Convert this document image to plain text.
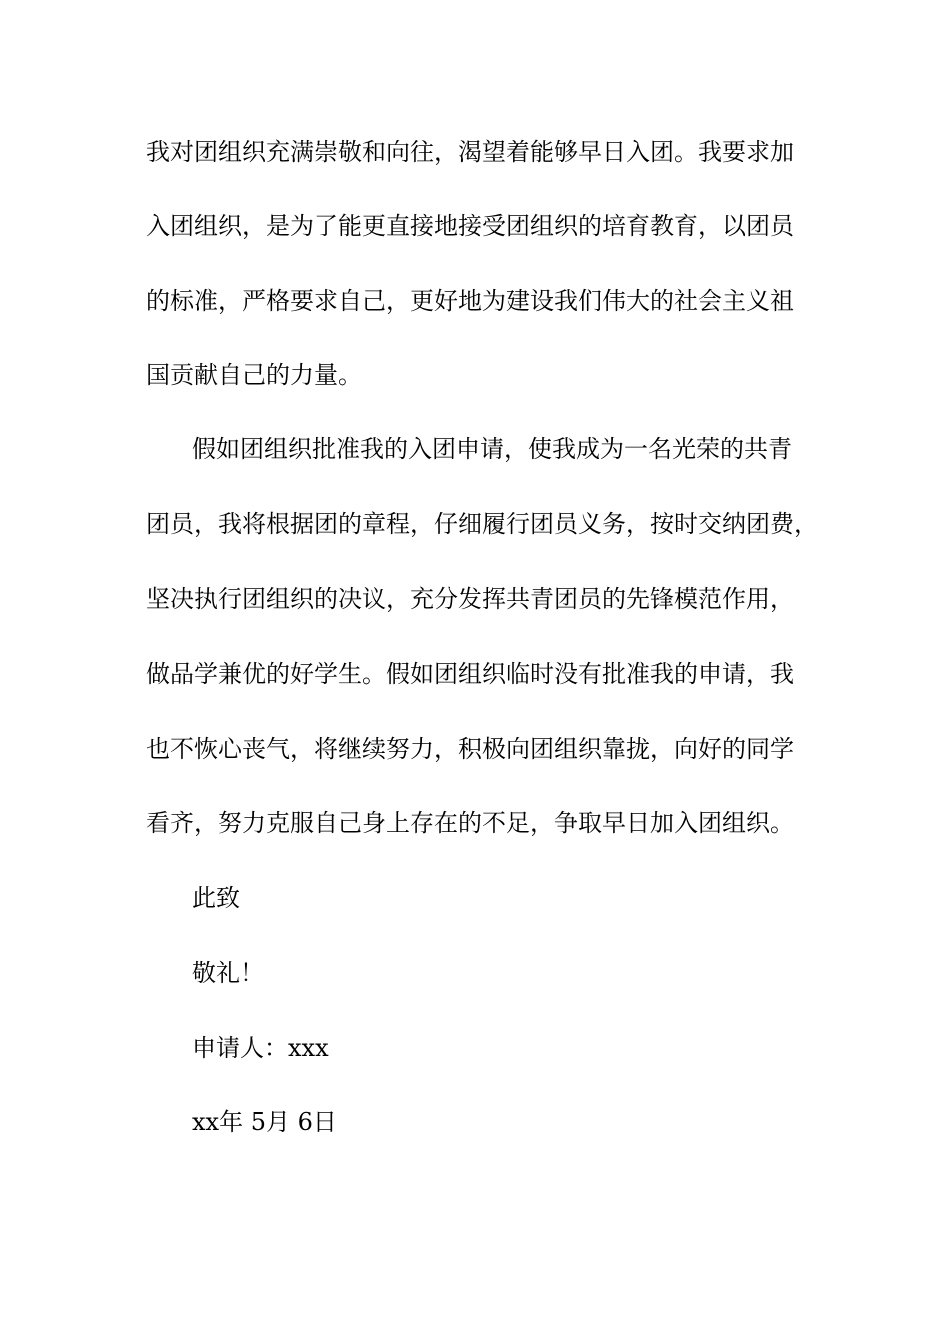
我对团组织充满崇敬和向往，渴望着能够早日入团。我要求加
入团组织，是为了能更直接地接受团组织的培育教育，以团员
的标准，严格要求自己，更好地为建设我们伟大的社会主义祖
国贡献自己的力量。
假如团组织批准我的入团申请，使我成为一名光荣的共青
团员，我将根据团的章程，仔细履行团员义务，按时交纳团费，
坚决执行团组织的决议，充分发挥共青团员的先锋模范作用，
做品学兼优的好学生。假如团组织临时没有批准我的申请，我
也不恢心丧气，将继续努力，积极向团组织靠拢，向好的同学
看齐，努力克服自己身上存在的不足，争取早日加入团组织。
此致
敬礼！
申请人：xxx
xx年 5月 6日
